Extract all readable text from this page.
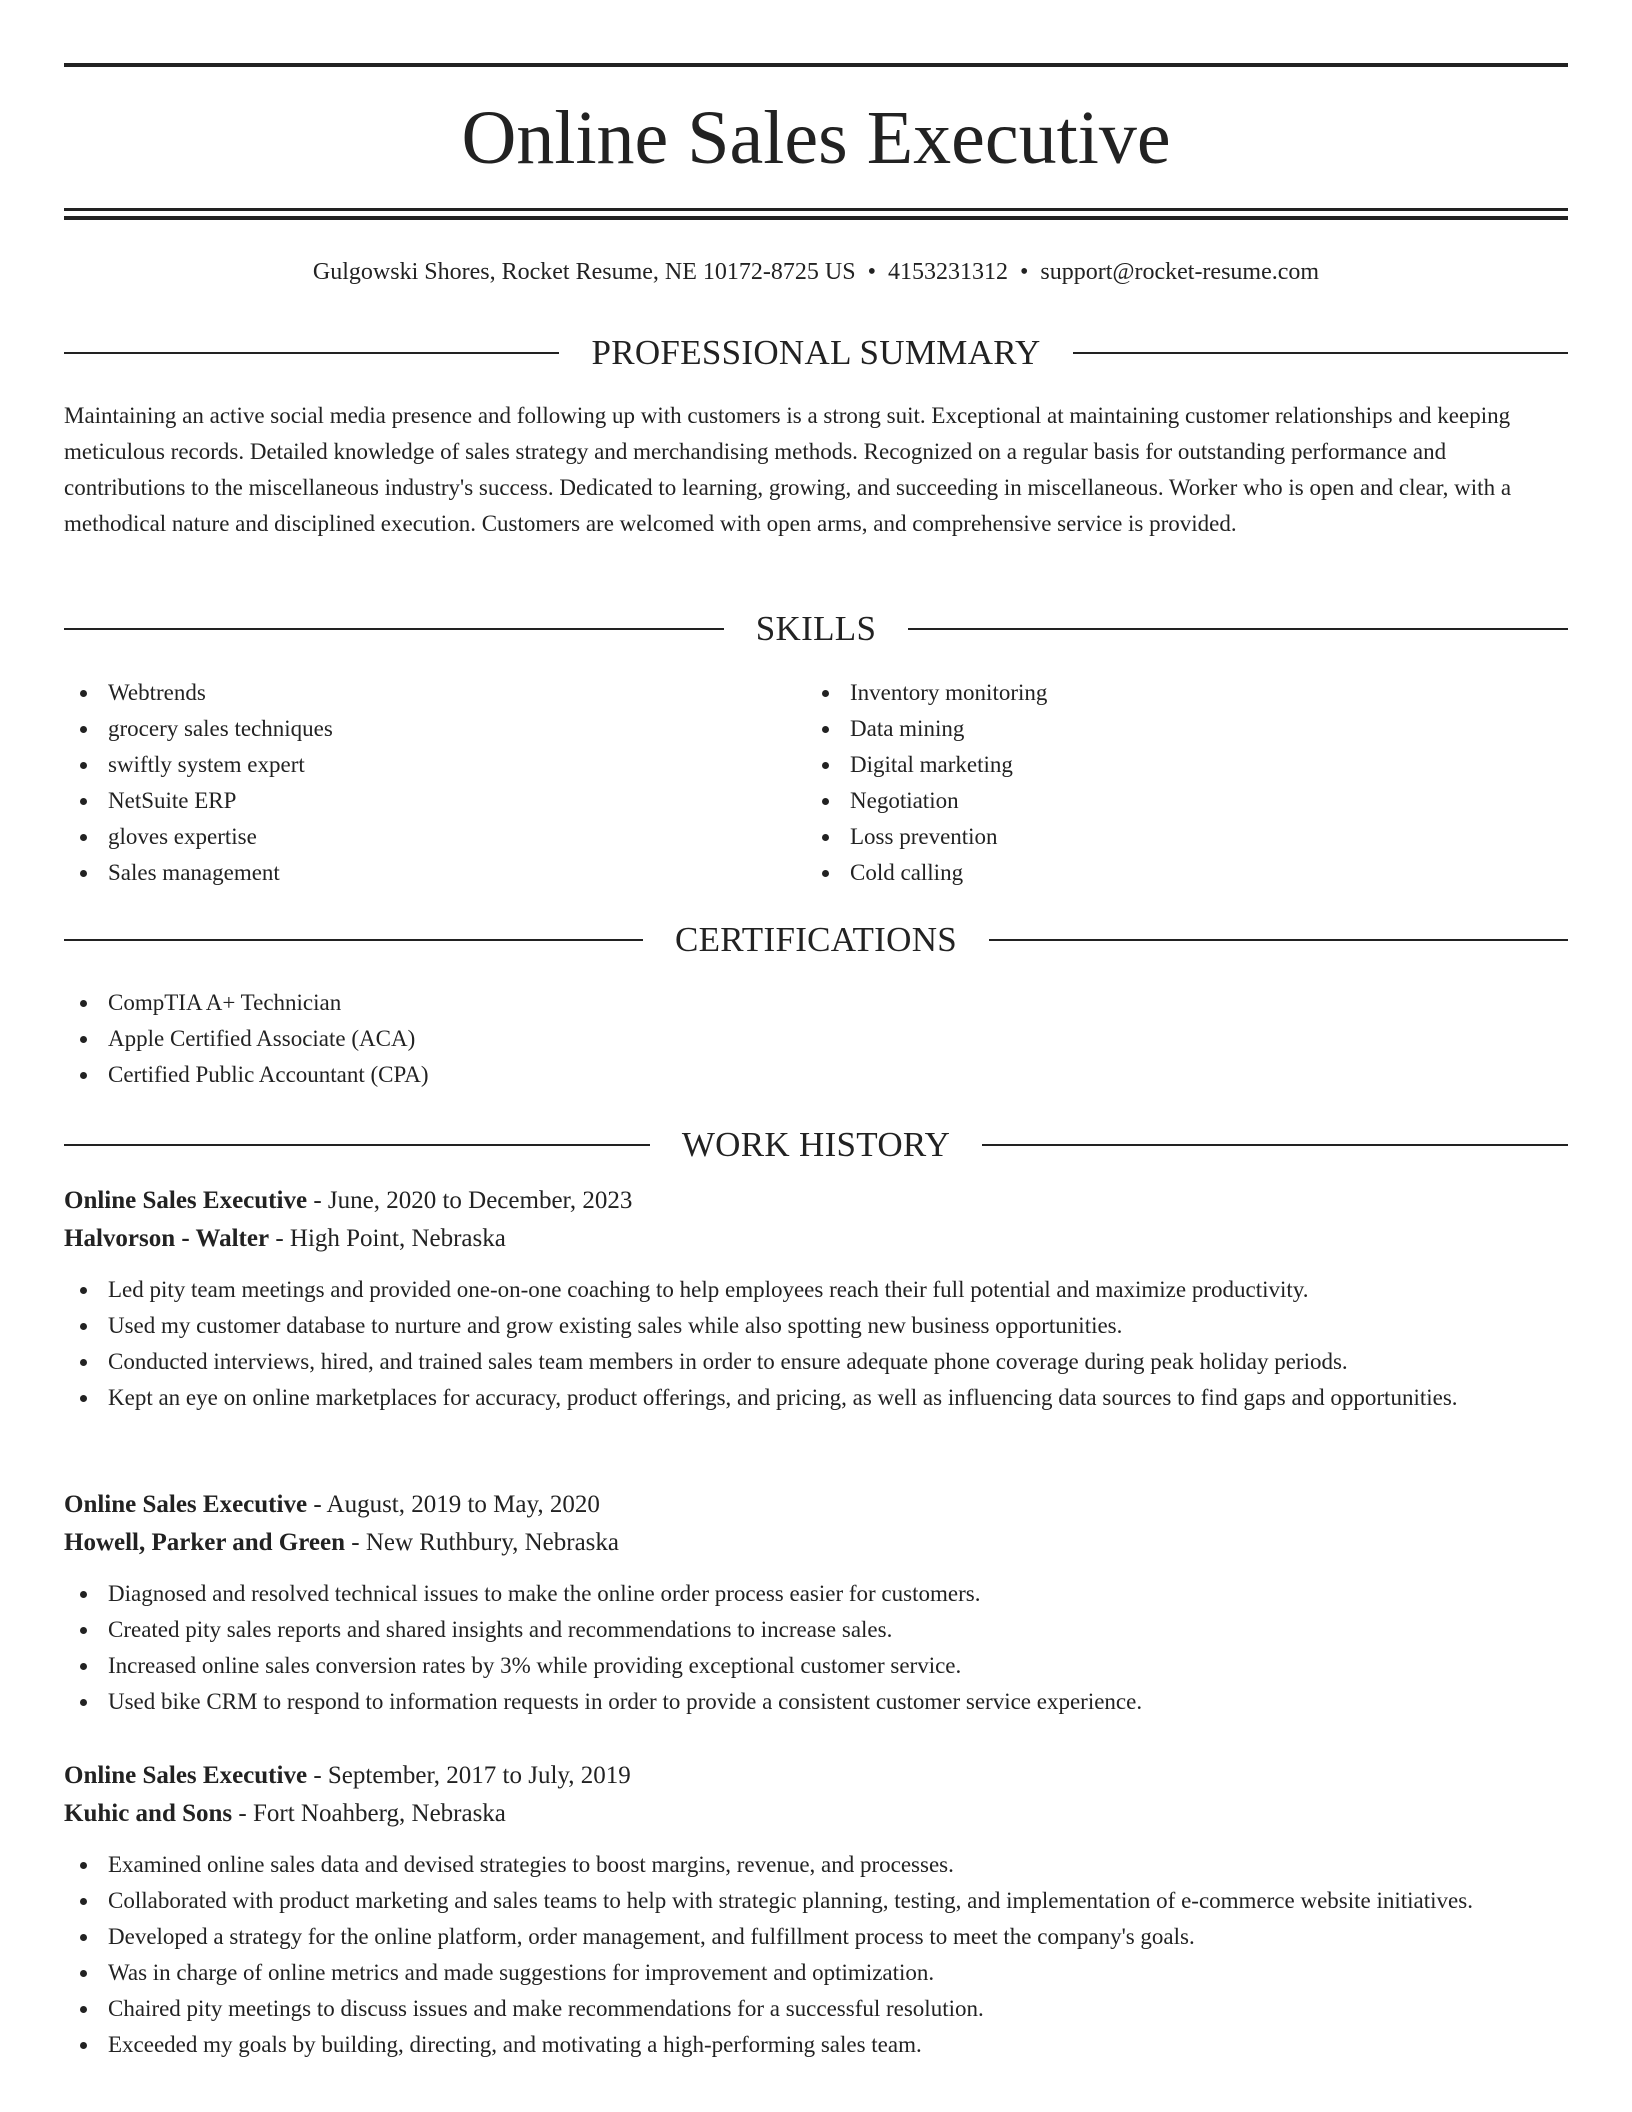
Online Sales Executive
Gulgowski Shores, Rocket Resume, NE 10172-8725 US • 4153231312 • support@rocket-resume.com
PROFESSIONAL SUMMARY

Maintaining an active social media presence and following up with customers is a strong suit. Exceptional at maintaining customer relationships and keeping meticulous records. Detailed knowledge of sales strategy and merchandising methods. Recognized on a regular basis for outstanding performance and contributions to the miscellaneous industry's success. Dedicated to learning, growing, and succeeding in miscellaneous. Worker who is open and clear, with a methodical nature and disciplined execution. Customers are welcomed with open arms, and comprehensive service is provided.

SKILLS
Webtrends
grocery sales techniques
swiftly system expert
NetSuite ERP
gloves expertise
Sales management
Inventory monitoring
Data mining
Digital marketing
Negotiation
Loss prevention
Cold calling
CERTIFICATIONS
CompTIA A+ Technician
Apple Certified Associate (ACA)
Certified Public Accountant (CPA)
WORK HISTORY
Online Sales Executive - June, 2020 to December, 2023
Halvorson - Walter - High Point, Nebraska
Led pity team meetings and provided one-on-one coaching to help employees reach their full potential and maximize productivity.
Used my customer database to nurture and grow existing sales while also spotting new business opportunities.
Conducted interviews, hired, and trained sales team members in order to ensure adequate phone coverage during peak holiday periods.
Kept an eye on online marketplaces for accuracy, product offerings, and pricing, as well as influencing data sources to find gaps and opportunities.
Online Sales Executive - August, 2019 to May, 2020
Howell, Parker and Green - New Ruthbury, Nebraska
Diagnosed and resolved technical issues to make the online order process easier for customers.
Created pity sales reports and shared insights and recommendations to increase sales.
Increased online sales conversion rates by 3% while providing exceptional customer service.
Used bike CRM to respond to information requests in order to provide a consistent customer service experience.
Online Sales Executive - September, 2017 to July, 2019
Kuhic and Sons - Fort Noahberg, Nebraska
Examined online sales data and devised strategies to boost margins, revenue, and processes.
Collaborated with product marketing and sales teams to help with strategic planning, testing, and implementation of e-commerce website initiatives.
Developed a strategy for the online platform, order management, and fulfillment process to meet the company's goals.
Was in charge of online metrics and made suggestions for improvement and optimization.
Chaired pity meetings to discuss issues and make recommendations for a successful resolution.
Exceeded my goals by building, directing, and motivating a high-performing sales team.
